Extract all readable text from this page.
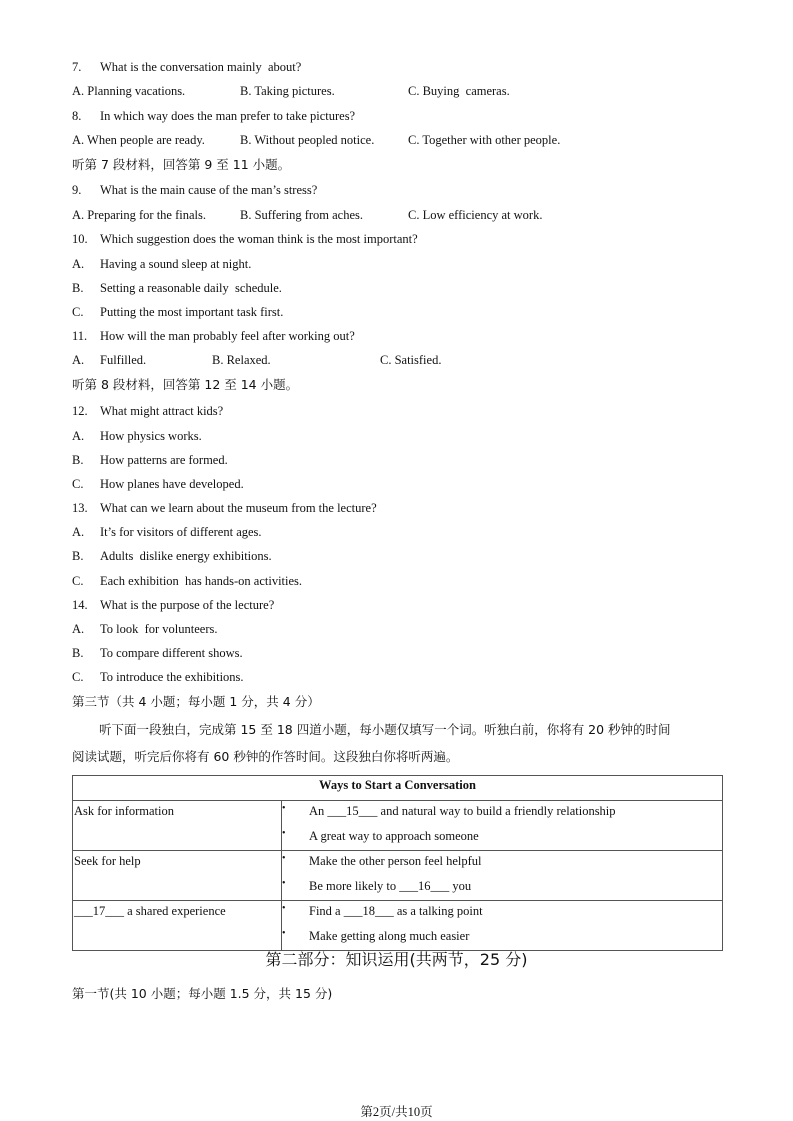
7. What is the conversation mainly  about?
A. Planning vacations.	B. Taking pictures.	C. Buying  cameras.
8. In which way does the man prefer to take pictures?
A. When people are ready.	B. Without peopled notice.	C. Together with other people.
听第 7 段材料，回答第 9 至 11 小题。
9. What is the main cause of the man’s stress?
A. Preparing for the finals.	B. Suffering from aches.	C. Low efficiency at work.
10. Which suggestion does the woman think is the most important?
A. Having a sound sleep at night.
B. Setting a reasonable daily  schedule.
C. Putting the most important task first.
11. How will the man probably feel after working out?
A. Fulfilled.	B. Relaxed.	C. Satisfied.
听第 8 段材料，回答第 12 至 14 小题。
12. What might attract kids?
A. How physics works.
B. How patterns are formed.
C. How planes have developed.
13. What can we learn about the museum from the lecture?
A. It’s for visitors of different ages.
B. Adults  dislike energy exhibitions.
C. Each exhibition  has hands-on activities.
14. What is the purpose of the lecture?
A. To look  for volunteers.
B. To compare different shows.
C. To introduce the exhibitions.
第三节（共 4 小题；每小题 1 分，共 4 分）
听下面一段独白，完成第 15 至 18 四道小题，每小题仅填写一个词。听独白前，你将有 20 秒钟的时间
阅读试题，听完后你将有 60 秒钟的作答时间。这段独白你将听两遍。
Ways to Start a Conversation	
Ask for information	• An ___15___ and natural way to build a friendly relationship
• A great way to approach someone

Seek for help	• Make the other person feel helpful
• Be more likely to ___16___ you

___17___ a shared experience	• Find a ___18___ as a talking point
• Make getting along much easier
第二部分：知识运用(共两节，25 分)
第一节(共 10 小题；每小题 1.5 分，共 15 分)
第2页/共10页
